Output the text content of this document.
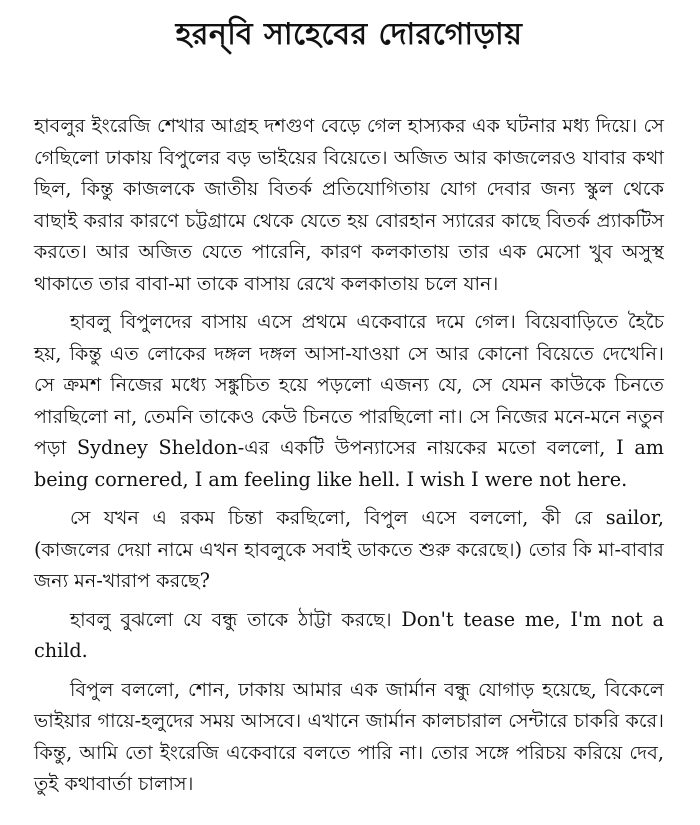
হরন্‌বি সাহেবের দোরগোড়ায়

হাবলুর ইংরেজি শেখার আগ্রহ দশগুণ বেড়ে গেল হাস্যকর এক ঘটনার মধ্য দিয়ে। সে গেছিলো ঢাকায় বিপুলের বড় ভাইয়ের বিয়েতে। অজিত আর কাজলেরও যাবার কথা ছিল, কিন্তু কাজলকে জাতীয় বিতর্ক প্রতিযোগিতায় যোগ দেবার জন্য স্কুল থেকে বাছাই করার কারণে চট্টগ্রামে থেকে যেতে হয় বোরহান স্যারের কাছে বিতর্ক প্র্যাকটিস করতে। আর অজিত যেতে পারেনি, কারণ কলকাতায় তার এক মেসো খুব অসুস্থ থাকাতে তার বাবা-মা তাকে বাসায় রেখে কলকাতায় চলে যান।

হাবলু বিপুলদের বাসায় এসে প্রথমে একেবারে দমে গেল। বিয়েবাড়িতে হৈচৈ হয়, কিন্তু এত লোকের দঙ্গল দঙ্গল আসা-যাওয়া সে আর কোনো বিয়েতে দেখেনি। সে ক্রমশ নিজের মধ্যে সঙ্কুচিত হয়ে পড়লো এজন্য যে, সে যেমন কাউকে চিনতে পারছিলো না, তেমনি তাকেও কেউ চিনতে পারছিলো না। সে নিজের মনে-মনে নতুন পড়া Sydney Sheldon-এর একটি উপন্যাসের নায়কের মতো বললো, I am being cornered, I am feeling like hell. I wish I were not here.

সে যখন এ রকম চিন্তা করছিলো, বিপুল এসে বললো, কী রে sailor, (কাজলের দেয়া নামে এখন হাবলুকে সবাই ডাকতে শুরু করেছে।) তোর কি মা-বাবার জন্য মন-খারাপ করছে?

হাবলু বুঝলো যে বন্ধু তাকে ঠাট্টা করছে। Don't tease me, I'm not a child.

বিপুল বললো, শোন, ঢাকায় আমার এক জার্মান বন্ধু যোগাড় হয়েছে, বিকেলে ভাইয়ার গায়ে-হলুদের সময় আসবে। এখানে জার্মান কালচারাল সেন্টারে চাকরি করে। কিন্তু, আমি তো ইংরেজি একেবারে বলতে পারি না। তোর সঙ্গে পরিচয় করিয়ে দেব, তুই কথাবার্তা চালাস।
